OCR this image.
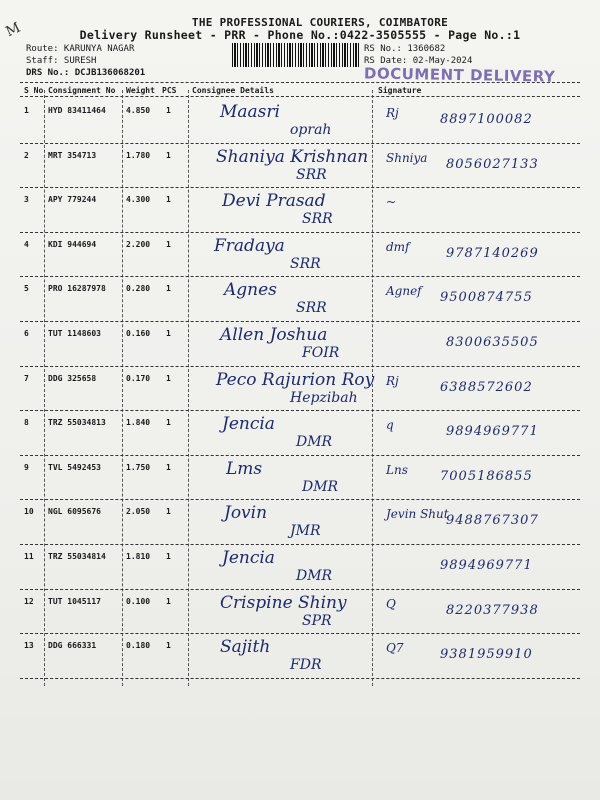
M	THE PROFESSIONAL COURIERS, COIMBATORE
Delivery Runsheet - PRR - Phone No.:0422-3505555 - Page No.:1
Route: KARUNYA NAGAR
Staff: SURESH
DRS No.: DCJB136068201
RS No.: 1360682
RS Date: 02-May-2024
DOCUMENT DELIVERY
S No Consignment No Weight PCS Consignee Details	Signature
1 HYD 83411464	4.850 1	Maasri
oprah
Rj	8897100082
2 MRT 354713	1.780 1	Shaniya Krishnan
SRR
Shniya 8056027133
3 APY 779244	4.300 1	Devi Prasad
SRR
~
4 KDI 944694	2.200 1	Fradaya
SRR
dmf	9787140269
5 PRO 16287978	0.280 1	Agnes
SRR
Agnef 9500874755
6 TUT 1148603	0.160 1	Allen Joshua
FOIR
8300635505
7 DDG 325658	0.170 1	Peco Rajurion Roy
Hepzibah
Rj	6388572602
8 TRZ 55034813	1.840 1	Jencia
DMR
q	9894969771
9 TVL 5492453	1.750 1	Lms
DMR
Lns 7005186855
10 NGL 6095676	2.050 1	Jovin
JMR
Jevin Shut
9488767307
11 TRZ 55034814	1.810 1	Jencia
DMR
9894969771
12 TUT 1045117	0.100 1	Crispine Shiny
SPR
Q	8220377938
13 DDG 666331	0.180 1	Sajith
FDR
Q7	9381959910
